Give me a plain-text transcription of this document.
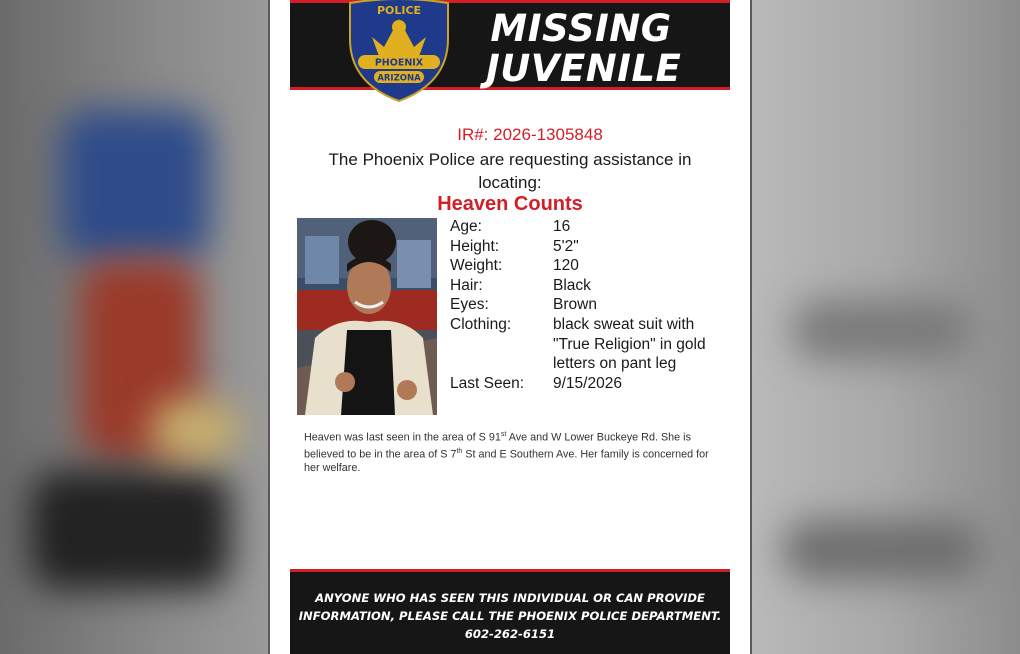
POLICE
PHOENIX
ARIZONA
MISSING
JUVENILE
IR#: 2026-1305848
The Phoenix Police are requesting assistance in locating:
Heaven Counts
Age:	16
Height:	5'2"
Weight:	120
Hair:	Black
Eyes:	Brown
Clothing:	black sweat suit with "True Religion" in gold letters on pant leg
Last Seen:	9/15/2026
Heaven was last seen in the area of S 91st Ave and W Lower Buckeye Rd. She is believed to be in the area of S 7th St and E Southern Ave. Her family is concerned for her welfare.
ANYONE WHO HAS SEEN THIS INDIVIDUAL OR CAN PROVIDE
INFORMATION, PLEASE CALL THE PHOENIX POLICE DEPARTMENT.
602-262-6151
